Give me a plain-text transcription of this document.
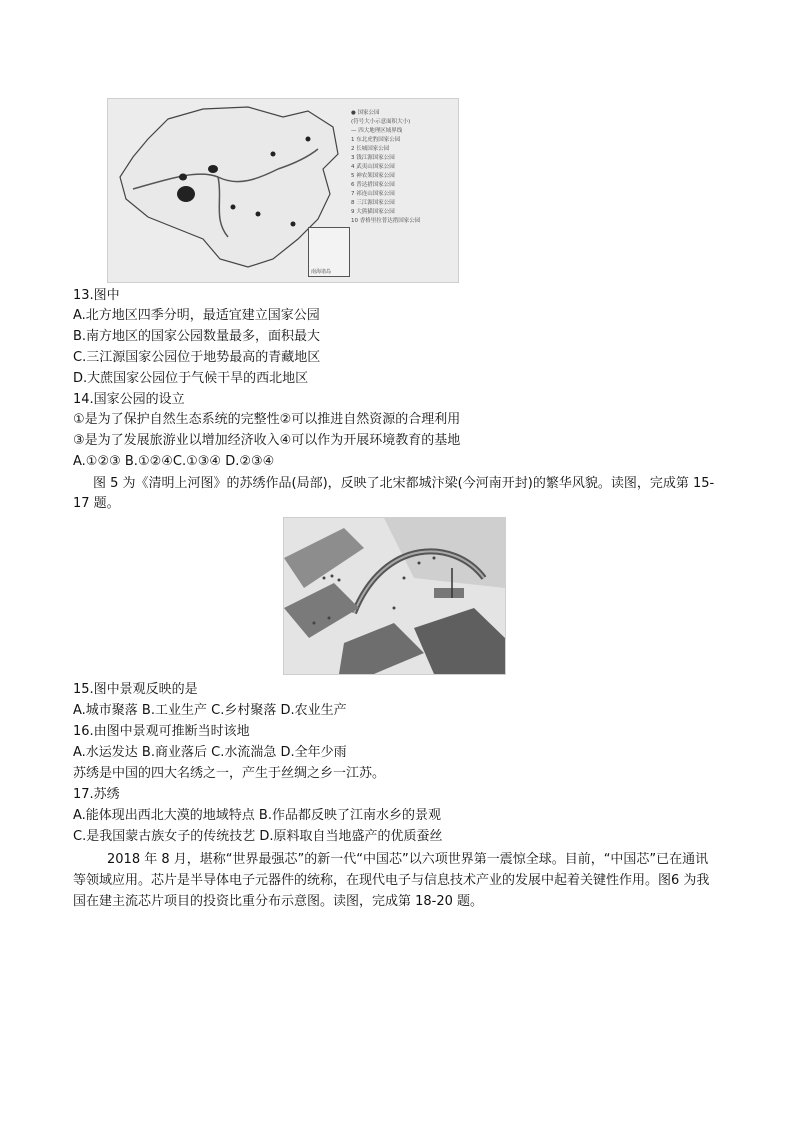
● 国家公园
(符号大小示意面积大小)
— 四大地理区域界线
1 东北虎豹国家公园
2 长城国家公园
3 钱江源国家公园
4 武夷山国家公园
5 神农架国家公园
6 普达措国家公园
7 祁连山国家公园
8 三江源国家公园
9 大熊猫国家公园
10 香格里拉普达措国家公园
南海诸岛
13.图中
A.北方地区四季分明，最适宜建立国家公园
B.南方地区的国家公园数量最多，面积最大
C.三江源国家公园位于地势最高的青藏地区
D.大蔗国家公园位于气候干旱的西北地区
14.国家公园的设立
①是为了保护自然生态系统的完整性②可以推进自然资源的合理利用
③是为了发展旅游业以增加经济收入④可以作为开展环境教育的基地
A.①②③ B.①②④C.①③④ D.②③④
图 5 为《清明上河图》的苏绣作品(局部)，反映了北宋都城汴梁(今河南开封)的繁华风貌。读图，完成第 15-17 题。
15.图中景观反映的是
A.城市聚落 B.工业生产 C.乡村聚落 D.农业生产
16.由图中景观可推断当时该地
A.水运发达 B.商业落后 C.水流湍急 D.全年少雨
苏绣是中国的四大名绣之一，产生于丝绸之乡一江苏。
17.苏绣
A.能体现出西北大漠的地域特点 B.作品都反映了江南水乡的景观
C.是我国蒙古族女子的传统技艺 D.原料取自当地盛产的优质蚕丝
2018 年 8 月，堪称“世界最强芯”的新一代“中国芯”以六项世界第一震惊全球。目前，“中国芯”已在通讯等领域应用。芯片是半导体电子元器件的统称，在现代电子与信息技术产业的发展中起着关键性作用。图6 为我国在建主流芯片项目的投资比重分布示意图。读图，完成第 18-20 题。
